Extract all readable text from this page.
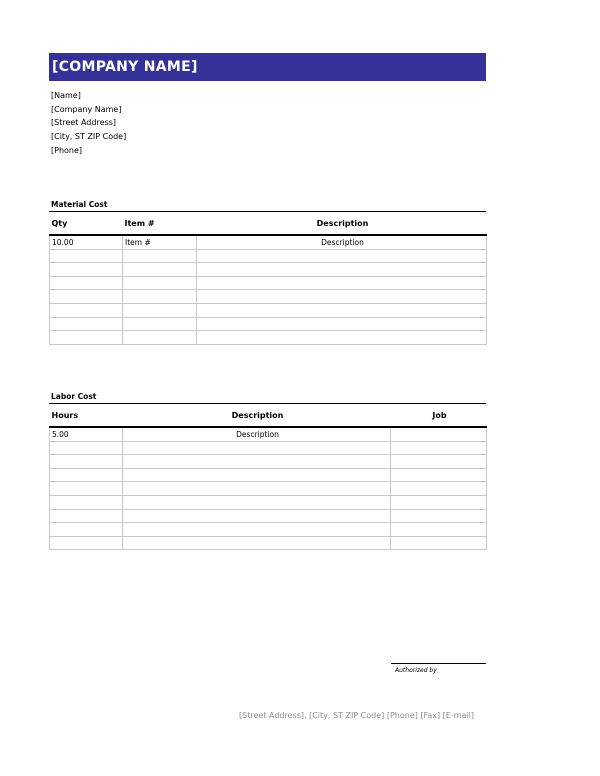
[COMPANY NAME]
[Name]
[Company Name]
[Street Address]
[City, ST ZIP Code]
[Phone]
Material Cost
Qty	Item #	Description
10.00	Item #	Description

Labor Cost
Hours	Description	Job
5.00	Description	

Authorized by
[Street Address], [City, ST ZIP Code] [Phone] [Fax] [E-mail]
